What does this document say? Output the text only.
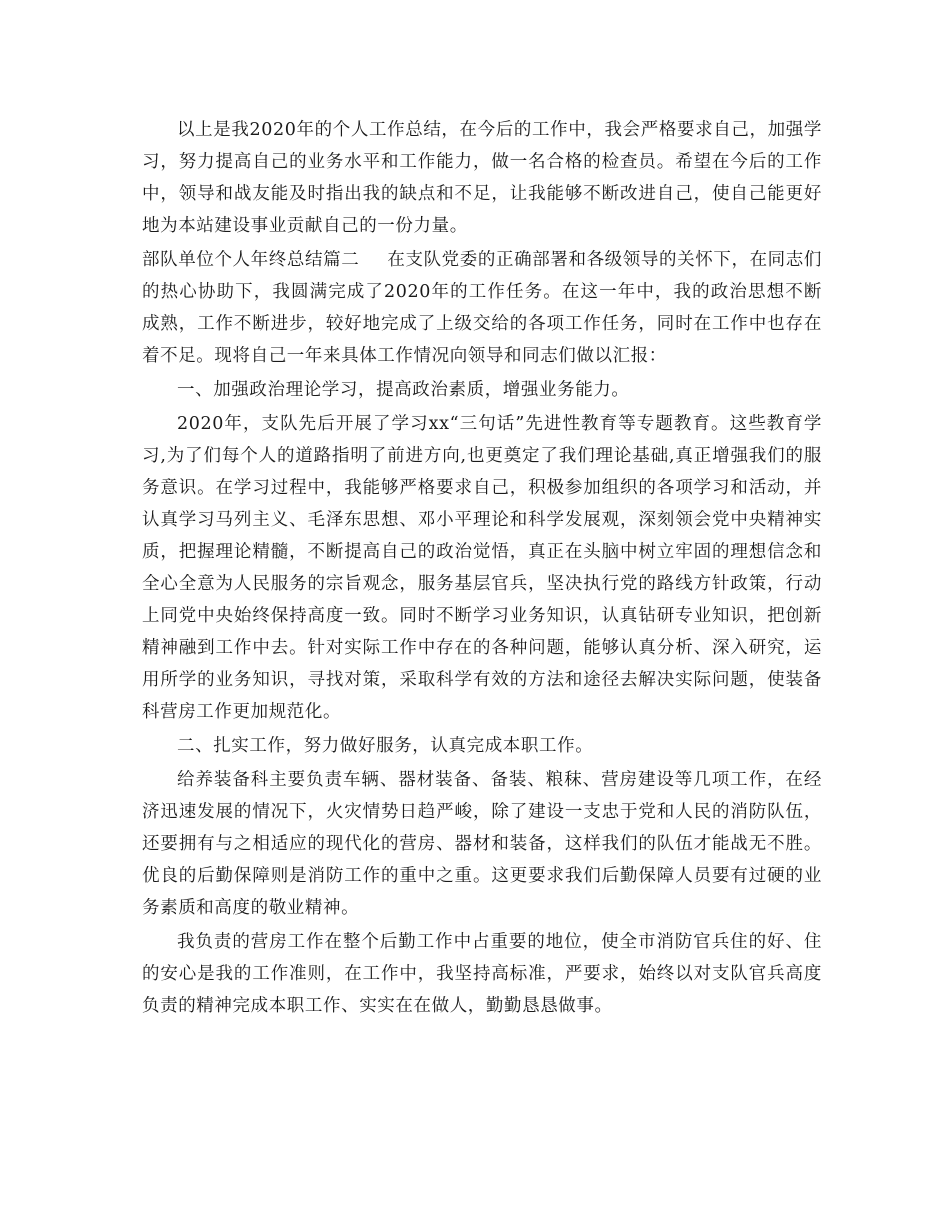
以上是我2020年的个人工作总结，在今后的工作中，我会严格要求自己，加强学习，努力提高自己的业务水平和工作能力，做一名合格的检查员。希望在今后的工作中，领导和战友能及时指出我的缺点和不足，让我能够不断改进自己，使自己能更好地为本站建设事业贡献自己的一份力量。

部队单位个人年终总结篇二 在支队党委的正确部署和各级领导的关怀下，在同志们的热心协助下，我圆满完成了2020年的工作任务。在这一年中，我的政治思想不断成熟，工作不断进步，较好地完成了上级交给的各项工作任务，同时在工作中也存在着不足。现将自己一年来具体工作情况向领导和同志们做以汇报：

一、加强政治理论学习，提高政治素质，增强业务能力。

2020年，支队先后开展了学习xx“三句话”先进性教育等专题教育。这些教育学习,为了们每个人的道路指明了前进方向,也更奠定了我们理论基础,真正增强我们的服务意识。在学习过程中，我能够严格要求自己，积极参加组织的各项学习和活动，并认真学习马列主义、毛泽东思想、邓小平理论和科学发展观，深刻领会党中央精神实质，把握理论精髓，不断提高自己的政治觉悟，真正在头脑中树立牢固的理想信念和全心全意为人民服务的宗旨观念，服务基层官兵，坚决执行党的路线方针政策，行动上同党中央始终保持高度一致。同时不断学习业务知识，认真钻研专业知识，把创新精神融到工作中去。针对实际工作中存在的各种问题，能够认真分析、深入研究，运用所学的业务知识，寻找对策，采取科学有效的方法和途径去解决实际问题，使装备科营房工作更加规范化。

二、扎实工作，努力做好服务，认真完成本职工作。

给养装备科主要负责车辆、器材装备、备装、粮秣、营房建设等几项工作，在经济迅速发展的情况下，火灾情势日趋严峻，除了建设一支忠于党和人民的消防队伍，还要拥有与之相适应的现代化的营房、器材和装备，这样我们的队伍才能战无不胜。优良的后勤保障则是消防工作的重中之重。这更要求我们后勤保障人员要有过硬的业务素质和高度的敬业精神。

我负责的营房工作在整个后勤工作中占重要的地位，使全市消防官兵住的好、住的安心是我的工作准则，在工作中，我坚持高标准，严要求，始终以对支队官兵高度负责的精神完成本职工作、实实在在做人，勤勤恳恳做事。
